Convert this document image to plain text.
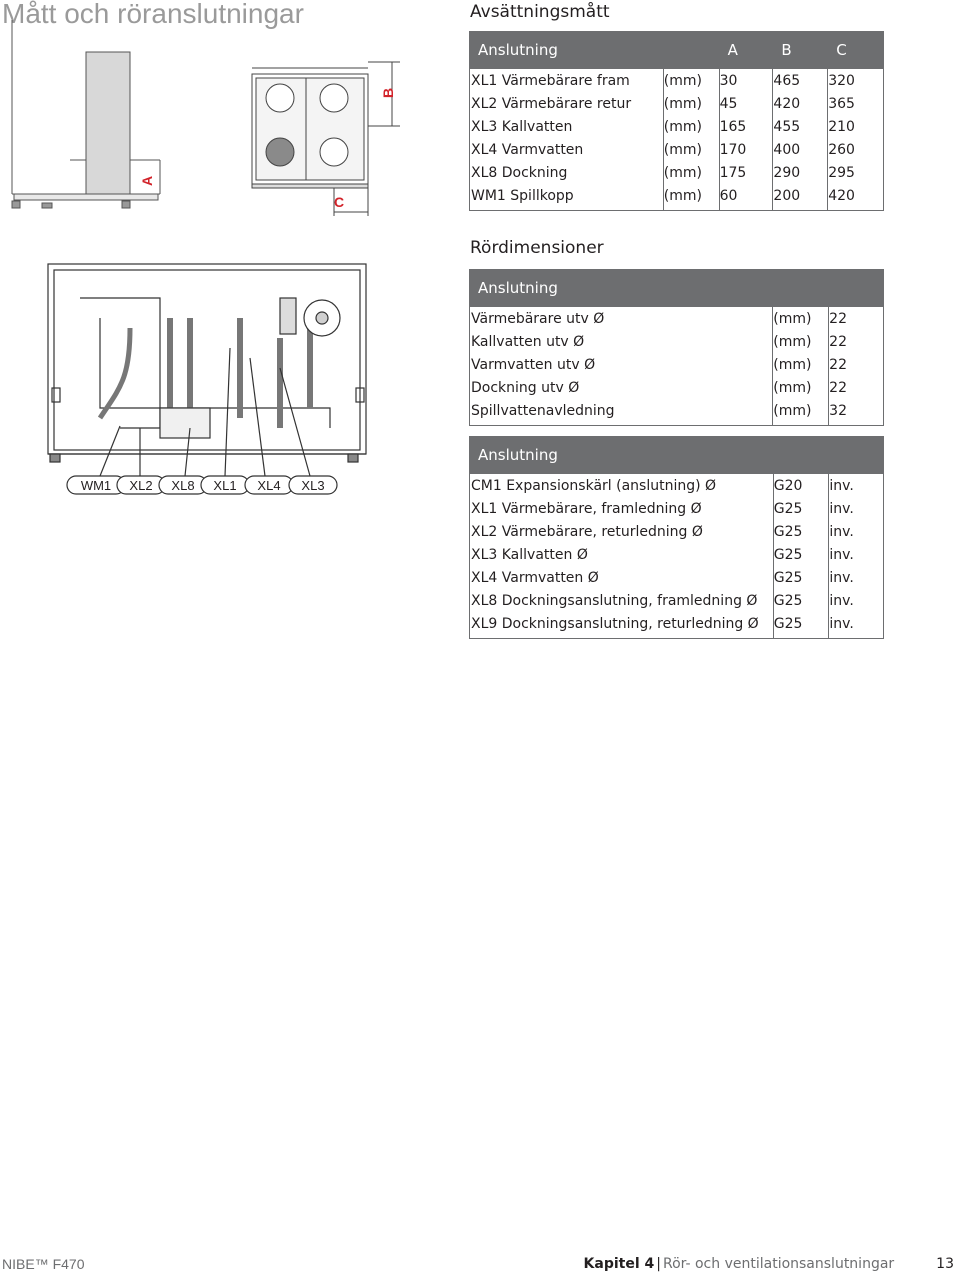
Mått och röranslutningar
A
B
C
WM1 XL2 XL8 XL1 XL4 XL3
Avsättningsmått
Anslutning		A	B	C
XL1 Värmebärare fram	(mm)	30	465	320
XL2 Värmebärare retur	(mm)	45	420	365
XL3 Kallvatten	(mm)	165	455	210
XL4 Varmvatten	(mm)	170	400	260
XL8 Dockning	(mm)	175	290	295
WM1 Spillkopp	(mm)	60	200	420
Rördimensioner
Anslutning		
Värmebärare utv Ø	(mm)	22
Kallvatten utv Ø	(mm)	22
Varmvatten utv Ø	(mm)	22
Dockning utv Ø	(mm)	22
Spillvattenavledning	(mm)	32
Anslutning		
CM1 Expansionskärl (anslutning) Ø	G20	inv.
XL1 Värmebärare, framledning Ø	G25	inv.
XL2 Värmebärare, returledning Ø	G25	inv.
XL3 Kallvatten Ø	G25	inv.
XL4 Varmvatten Ø	G25	inv.
XL8 Dockningsanslutning, framledning Ø	G25	inv.
XL9 Dockningsanslutning, returledning Ø	G25	inv.
NIBE™ F470	Kapitel 4 | Rör- och ventilationsanslutningar	13
